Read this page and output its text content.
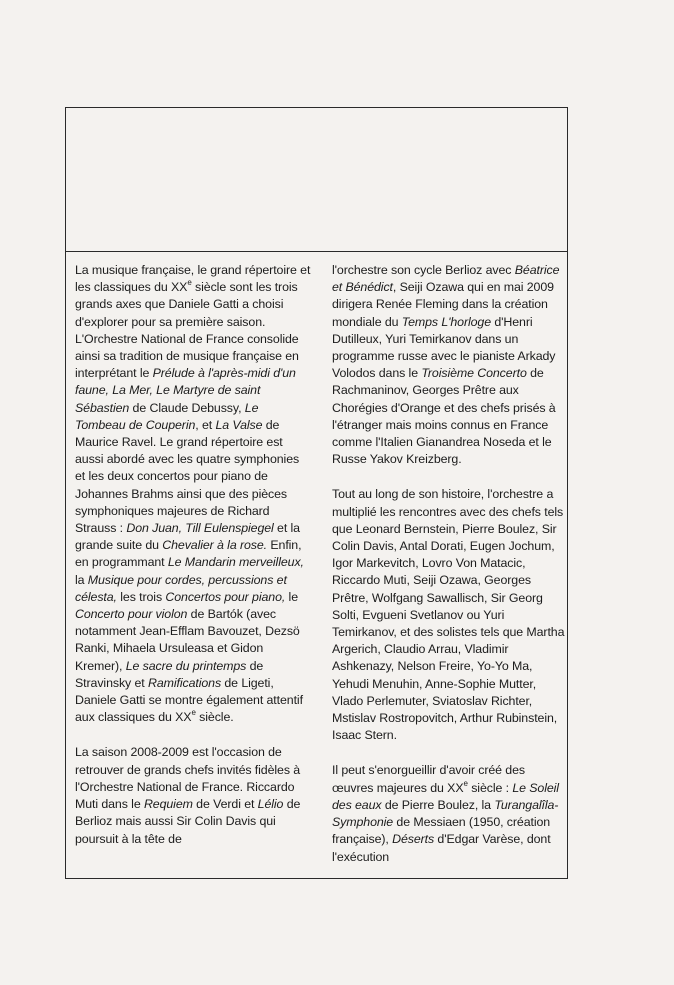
La musique française, le grand répertoire et les classiques du XXe siècle sont les trois grands axes que Daniele Gatti a choisi d'explorer pour sa première saison. L'Orchestre National de France consolide ainsi sa tradition de musique française en interprétant le Prélude à l'après-midi d'un faune, La Mer, Le Martyre de saint Sébastien de Claude Debussy, Le Tombeau de Couperin, et La Valse de Maurice Ravel. Le grand répertoire est aussi abordé avec les quatre symphonies et les deux concertos pour piano de Johannes Brahms ainsi que des pièces symphoniques majeures de Richard Strauss : Don Juan, Till Eulenspiegel et la grande suite du Chevalier à la rose. Enfin, en programmant Le Mandarin merveilleux, la Musique pour cordes, percussions et célesta, les trois Concertos pour piano, le Concerto pour violon de Bartók (avec notamment Jean-Efflam Bavouzet, Dezsö Ranki, Mihaela Ursuleasa et Gidon Kremer), Le sacre du printemps de Stravinsky et Ramifications de Ligeti, Daniele Gatti se montre également attentif aux classiques du XXe siècle.

La saison 2008-2009 est l'occasion de retrouver de grands chefs invités fidèles à l'Orchestre National de France. Riccardo Muti dans le Requiem de Verdi et Lélio de Berlioz mais aussi Sir Colin Davis qui poursuit à la tête de

l'orchestre son cycle Berlioz avec Béatrice et Bénédict, Seiji Ozawa qui en mai 2009 dirigera Renée Fleming dans la création mondiale du Temps L'horloge d'Henri Dutilleux, Yuri Temirkanov dans un programme russe avec le pianiste Arkady Volodos dans le Troisième Concerto de Rachmaninov, Georges Prêtre aux Chorégies d'Orange et des chefs prisés à l'étranger mais moins connus en France comme l'Italien Gianandrea Noseda et le Russe Yakov Kreizberg.

Tout au long de son histoire, l'orchestre a multiplié les rencontres avec des chefs tels que Leonard Bernstein, Pierre Boulez, Sir Colin Davis, Antal Dorati, Eugen Jochum, Igor Markevitch, Lovro Von Matacic, Riccardo Muti, Seiji Ozawa, Georges Prêtre, Wolfgang Sawallisch, Sir Georg Solti, Evgueni Svetlanov ou Yuri Temirkanov, et des solistes tels que Martha Argerich, Claudio Arrau, Vladimir Ashkenazy, Nelson Freire, Yo-Yo Ma, Yehudi Menuhin, Anne-Sophie Mutter, Vlado Perlemuter, Sviatoslav Richter, Mstislav Rostropovitch, Arthur Rubinstein, Isaac Stern.

Il peut s'enorgueillir d'avoir créé des œuvres majeures du XXe siècle : Le Soleil des eaux de Pierre Boulez, la Turangalîla-Symphonie de Messiaen (1950, création française), Déserts d'Edgar Varèse, dont l'exécution
